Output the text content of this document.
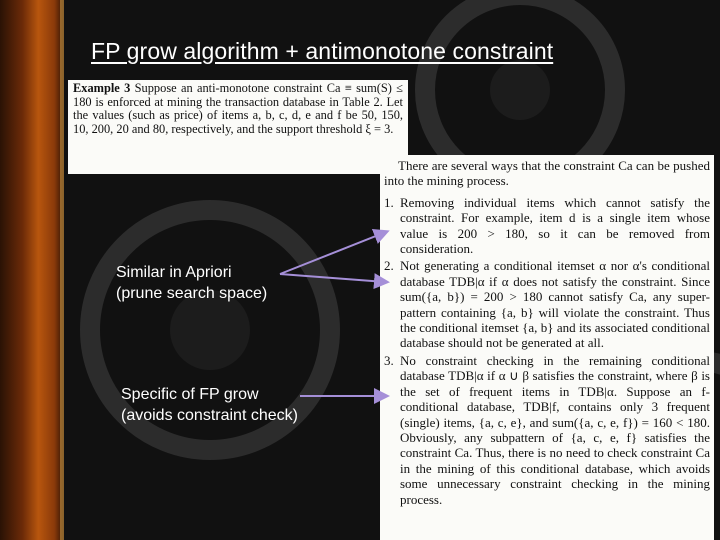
FP grow algorithm + antimonotone constraint
Example 3 Suppose an anti-monotone constraint Ca ≡ sum(S) ≤ 180 is enforced at mining the transaction database in Table 2. Let the values (such as price) of items a, b, c, d, e and f be 50, 150, 10, 200, 20 and 80, respectively, and the support threshold ξ = 3.

There are several ways that the constraint Ca can be pushed into the mining process.

1. Removing individual items which cannot satisfy the constraint. For example, item d is a single item whose value is 200 > 180, so it can be removed from consideration.
2. Not generating a conditional itemset α nor α's conditional database TDB|α if α does not satisfy the constraint. Since sum({a, b}) = 200 > 180 cannot satisfy Ca, any super-pattern containing {a, b} will violate the constraint. Thus the conditional itemset {a, b} and its associated conditional database should not be generated at all.
3. No constraint checking in the remaining conditional database TDB|α if α ∪ β satisfies the constraint, where β is the set of frequent items in TDB|α. Suppose an f-conditional database, TDB|f, contains only 3 frequent (single) items, {a, c, e}, and sum({a, c, e, f}) = 160 < 180. Obviously, any subpattern of {a, c, e, f} satisfies the constraint Ca. Thus, there is no need to check constraint Ca in the mining of this conditional database, which avoids some unnecessary constraint checking in the mining process.
Similar in Apriori
(prune search space)
Specific of FP grow
(avoids constraint check)
